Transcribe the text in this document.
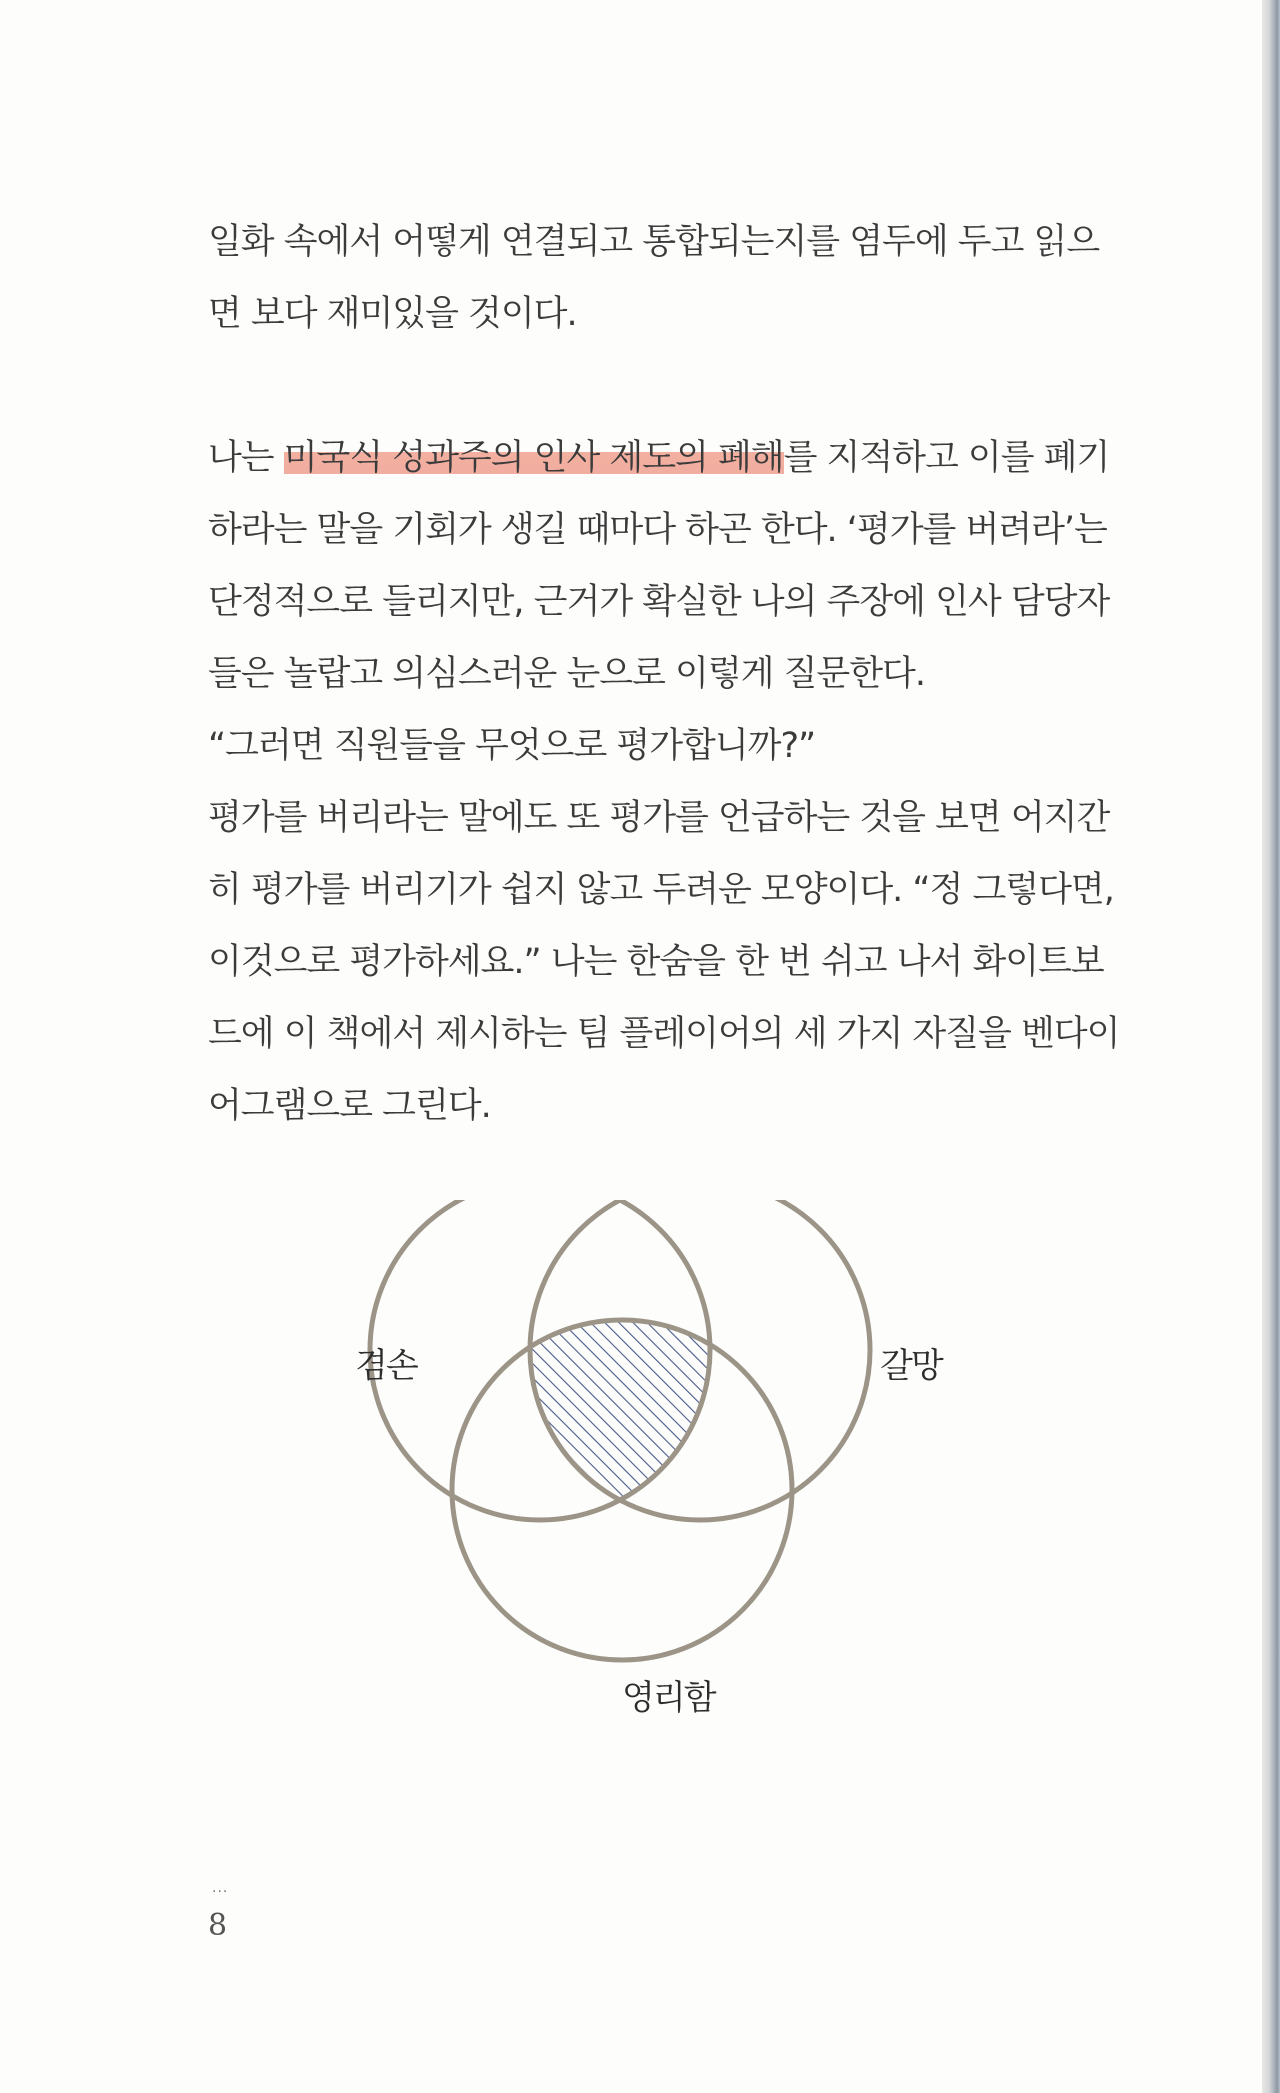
일화 속에서 어떻게 연결되고 통합되는지를 염두에 두고 읽으
면 보다 재미있을 것이다.
나는 미국식 성과주의 인사 제도의 폐해를 지적하고 이를 폐기
하라는 말을 기회가 생길 때마다 하곤 한다. ‘평가를 버려라’는
단정적으로 들리지만, 근거가 확실한 나의 주장에 인사 담당자
들은 놀랍고 의심스러운 눈으로 이렇게 질문한다.
“그러면 직원들을 무엇으로 평가합니까?”
평가를 버리라는 말에도 또 평가를 언급하는 것을 보면 어지간
히 평가를 버리기가 쉽지 않고 두려운 모양이다. “정 그렇다면,
이것으로 평가하세요.” 나는 한숨을 한 번 쉬고 나서 화이트보
드에 이 책에서 제시하는 팀 플레이어의 세 가지 자질을 벤다이
어그램으로 그린다.
겸손	갈망
영리함
...
8
